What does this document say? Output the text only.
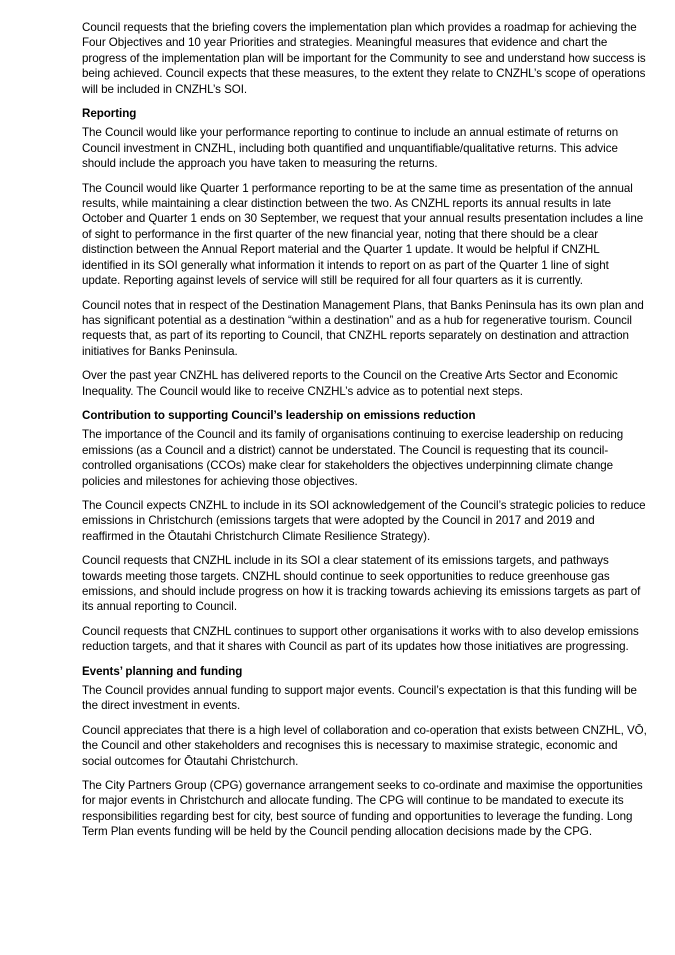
Council requests that the briefing covers the implementation plan which provides a roadmap for achieving the Four Objectives and 10 year Priorities and strategies. Meaningful measures that evidence and chart the progress of the implementation plan will be important for the Community to see and understand how success is being achieved. Council expects that these measures, to the extent they relate to CNZHL’s scope of operations will be included in CNZHL’s SOI.

Reporting

The Council would like your performance reporting to continue to include an annual estimate of returns on Council investment in CNZHL, including both quantified and unquantifiable/qualitative returns. This advice should include the approach you have taken to measuring the returns.

The Council would like Quarter 1 performance reporting to be at the same time as presentation of the annual results, while maintaining a clear distinction between the two. As CNZHL reports its annual results in late October and Quarter 1 ends on 30 September, we request that your annual results presentation includes a line of sight to performance in the first quarter of the new financial year, noting that there should be a clear distinction between the Annual Report material and the Quarter 1 update. It would be helpful if CNZHL identified in its SOI generally what information it intends to report on as part of the Quarter 1 line of sight update. Reporting against levels of service will still be required for all four quarters as it is currently.

Council notes that in respect of the Destination Management Plans, that Banks Peninsula has its own plan and has significant potential as a destination “within a destination” and as a hub for regenerative tourism. Council requests that, as part of its reporting to Council, that CNZHL reports separately on destination and attraction initiatives for Banks Peninsula.

Over the past year CNZHL has delivered reports to the Council on the Creative Arts Sector and Economic Inequality. The Council would like to receive CNZHL’s advice as to potential next steps.

Contribution to supporting Council’s leadership on emissions reduction

The importance of the Council and its family of organisations continuing to exercise leadership on reducing emissions (as a Council and a district) cannot be understated. The Council is requesting that its council-controlled organisations (CCOs) make clear for stakeholders the objectives underpinning climate change policies and milestones for achieving those objectives.

The Council expects CNZHL to include in its SOI acknowledgement of the Council’s strategic policies to reduce emissions in Christchurch (emissions targets that were adopted by the Council in 2017 and 2019 and reaffirmed in the Ōtautahi Christchurch Climate Resilience Strategy).

Council requests that CNZHL include in its SOI a clear statement of its emissions targets, and pathways towards meeting those targets. CNZHL should continue to seek opportunities to reduce greenhouse gas emissions, and should include progress on how it is tracking towards achieving its emissions targets as part of its annual reporting to Council.

Council requests that CNZHL continues to support other organisations it works with to also develop emissions reduction targets, and that it shares with Council as part of its updates how those initiatives are progressing.

Events’ planning and funding

The Council provides annual funding to support major events. Council’s expectation is that this funding will be the direct investment in events.

Council appreciates that there is a high level of collaboration and co-operation that exists between CNZHL, VŌ, the Council and other stakeholders and recognises this is necessary to maximise strategic, economic and social outcomes for Ōtautahi Christchurch.

The City Partners Group (CPG) governance arrangement seeks to co-ordinate and maximise the opportunities for major events in Christchurch and allocate funding. The CPG will continue to be mandated to execute its responsibilities regarding best for city, best source of funding and opportunities to leverage the funding. Long Term Plan events funding will be held by the Council pending allocation decisions made by the CPG.
